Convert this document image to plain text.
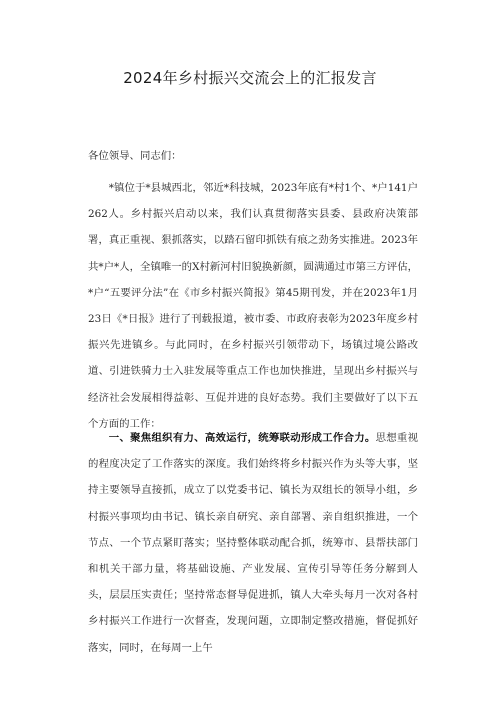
2024年乡村振兴交流会上的汇报发言
各位领导、同志们：
*镇位于*县城西北，邻近*科技城，2023年底有*村1个、*户141户262人。乡村振兴启动以来，我们认真贯彻落实县委、县政府决策部署，真正重视、狠抓落实，以踏石留印抓铁有痕之劲务实推进。2023年共*户*人，全镇唯一的X村新河村旧貌换新颜，圆满通过市第三方评估，*户“五要评分法”在《市乡村振兴简报》第45期刊发，并在2023年1月23日《*日报》进行了刊载报道，被市委、市政府表彰为2023年度乡村振兴先进镇乡。与此同时，在乡村振兴引领带动下，场镇过境公路改道、引进铁骑力士入驻发展等重点工作也加快推进，呈现出乡村振兴与经济社会发展相得益彰、互促并进的良好态势。我们主要做好了以下五个方面的工作：
一、聚焦组织有力、高效运行，统筹联动形成工作合力。思想重视的程度决定了工作落实的深度。我们始终将乡村振兴作为头等大事，坚持主要领导直接抓，成立了以党委书记、镇长为双组长的领导小组，乡村振兴事项均由书记、镇长亲自研究、亲自部署、亲自组织推进，一个节点、一个节点紧盯落实；坚持整体联动配合抓，统筹市、县帮扶部门和机关干部力量，将基础设施、产业发展、宣传引导等任务分解到人头，层层压实责任；坚持常态督导促进抓，镇人大牵头每月一次对各村乡村振兴工作进行一次督查，发现问题，立即制定整改措施，督促抓好落实，同时，在每周一上午
